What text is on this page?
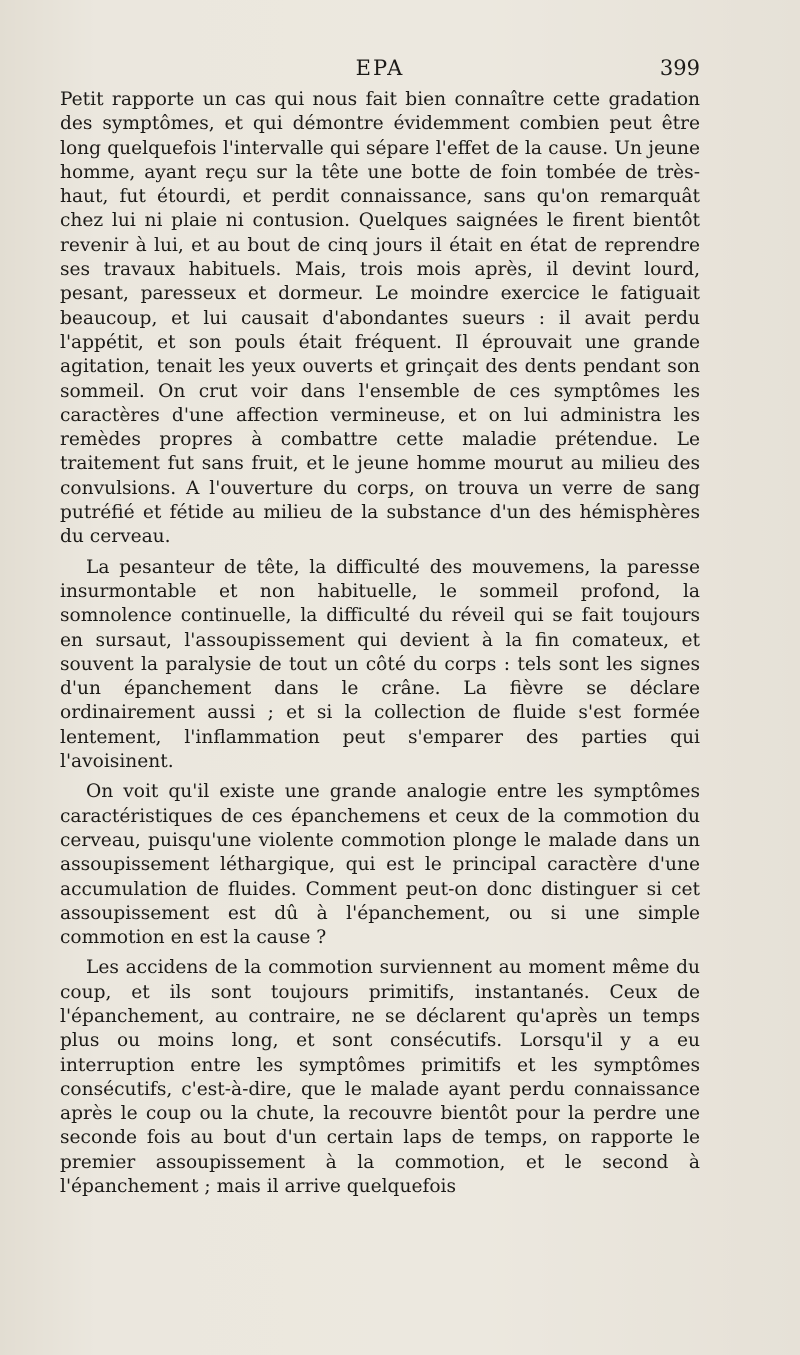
EPA	399

Petit rapporte un cas qui nous fait bien connaître cette gradation des symptômes, et qui démontre évidemment combien peut être long quelquefois l'intervalle qui sépare l'effet de la cause. Un jeune homme, ayant reçu sur la tête une botte de foin tombée de très-haut, fut étourdi, et perdit connaissance, sans qu'on remarquât chez lui ni plaie ni contusion. Quelques saignées le firent bientôt revenir à lui, et au bout de cinq jours il était en état de reprendre ses travaux habituels. Mais, trois mois après, il devint lourd, pesant, paresseux et dormeur. Le moindre exercice le fatiguait beaucoup, et lui causait d'abondantes sueurs : il avait perdu l'appétit, et son pouls était fréquent. Il éprouvait une grande agitation, tenait les yeux ouverts et grinçait des dents pendant son sommeil. On crut voir dans l'ensemble de ces symptômes les caractères d'une affection vermineuse, et on lui administra les remèdes propres à combattre cette maladie prétendue. Le traitement fut sans fruit, et le jeune homme mourut au milieu des convulsions. A l'ouverture du corps, on trouva un verre de sang putréfié et fétide au milieu de la substance d'un des hémisphères du cerveau.

La pesanteur de tête, la difficulté des mouvemens, la paresse insurmontable et non habituelle, le sommeil profond, la somnolence continuelle, la difficulté du réveil qui se fait toujours en sursaut, l'assoupissement qui devient à la fin comateux, et souvent la paralysie de tout un côté du corps : tels sont les signes d'un épanchement dans le crâne. La fièvre se déclare ordinairement aussi ; et si la collection de fluide s'est formée lentement, l'inflammation peut s'emparer des parties qui l'avoisinent.

On voit qu'il existe une grande analogie entre les symptômes caractéristiques de ces épanchemens et ceux de la commotion du cerveau, puisqu'une violente commotion plonge le malade dans un assoupissement léthargique, qui est le principal caractère d'une accumulation de fluides. Comment peut-on donc distinguer si cet assoupissement est dû à l'épanchement, ou si une simple commotion en est la cause ?

Les accidens de la commotion surviennent au moment même du coup, et ils sont toujours primitifs, instantanés. Ceux de l'épanchement, au contraire, ne se déclarent qu'après un temps plus ou moins long, et sont consécutifs. Lorsqu'il y a eu interruption entre les symptômes primitifs et les symptômes consécutifs, c'est-à-dire, que le malade ayant perdu connaissance après le coup ou la chute, la recouvre bientôt pour la perdre une seconde fois au bout d'un certain laps de temps, on rapporte le premier assoupissement à la commotion, et le second à l'épanchement ; mais il arrive quelquefois
